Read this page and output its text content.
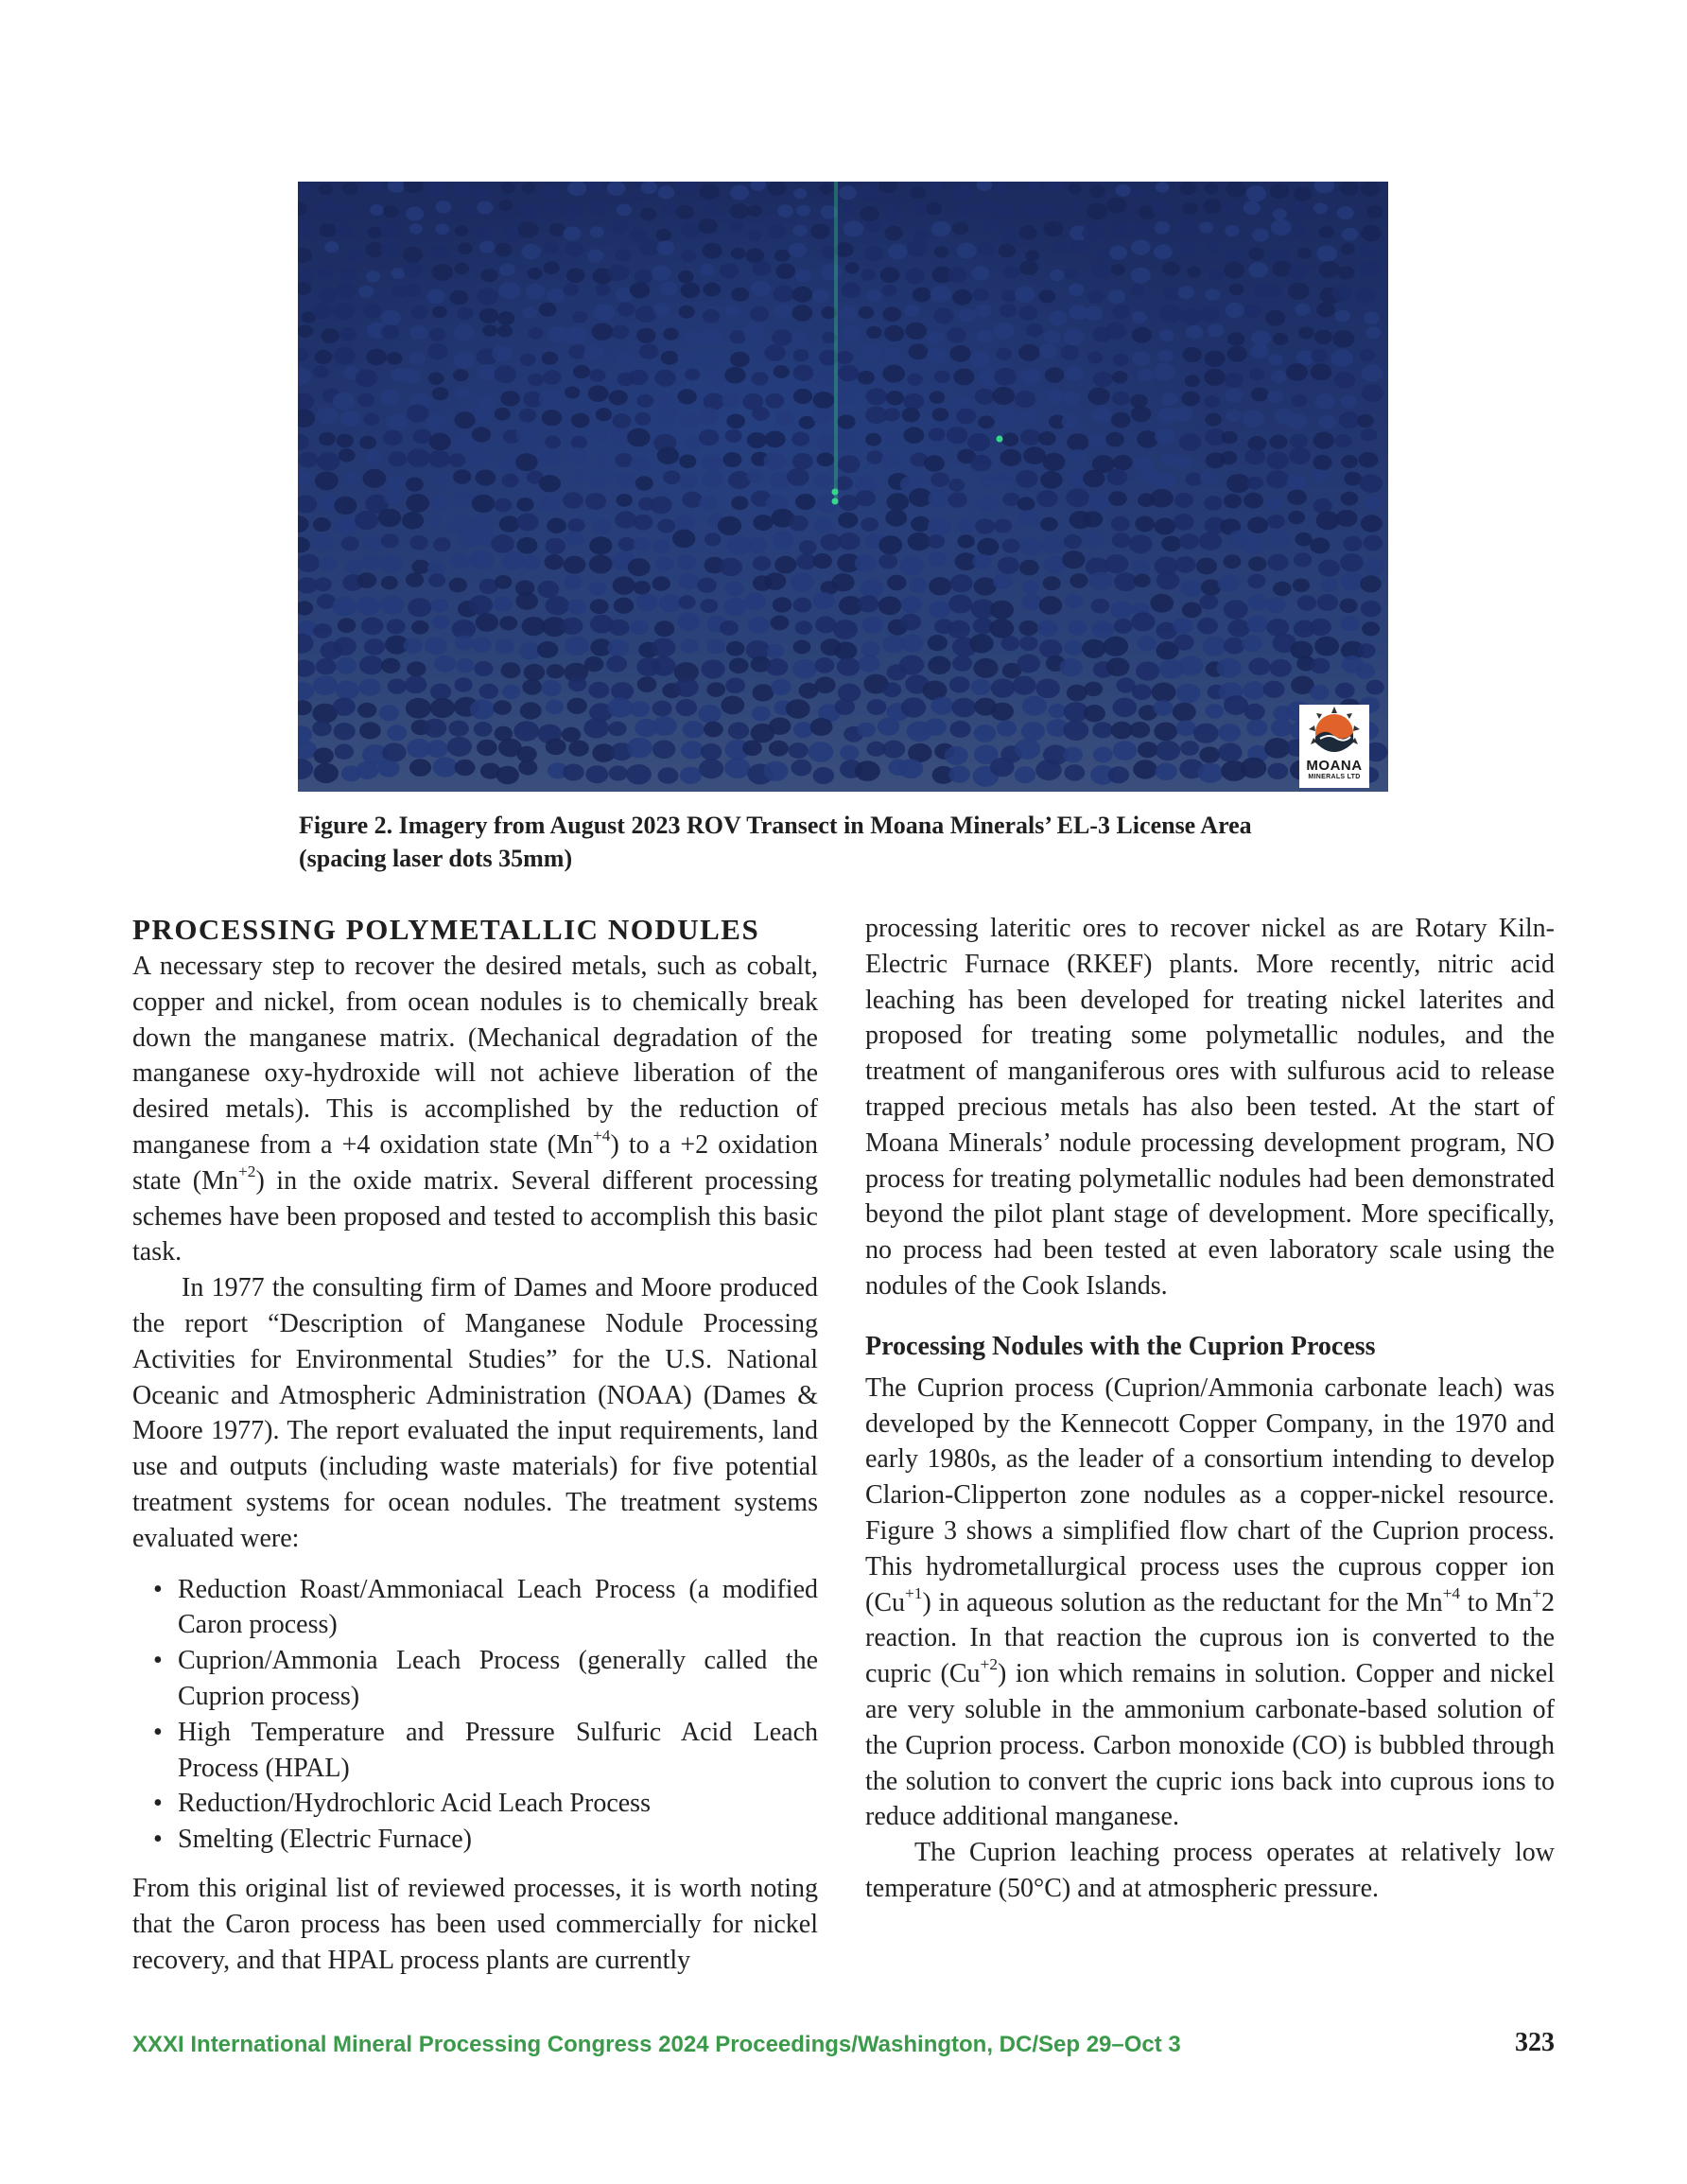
MOANA
MINERALS LTD
Figure 2. Imagery from August 2023 ROV Transect in Moana Minerals’ EL-3 License Area
(spacing laser dots 35mm)
PROCESSING POLYMETALLIC NODULES

A necessary step to recover the desired metals, such as cobalt, copper and nickel, from ocean nodules is to chemically break down the manganese matrix. (Mechanical degradation of the manganese oxy-hydroxide will not achieve liberation of the desired metals). This is accomplished by the reduction of manganese from a +4 oxidation state $(Mn^{+4})$ to a +2 oxidation state $(Mn^{+2})$ in the oxide matrix. Several different processing schemes have been proposed and tested to accomplish this basic task.

In 1977 the consulting firm of Dames and Moore produced the report “Description of Manganese Nodule Processing Activities for Environmental Studies” for the U.S. National Oceanic and Atmospheric Administration (NOAA) (Dames & Moore 1977). The report evaluated the input requirements, land use and outputs (including waste materials) for five potential treatment systems for ocean nodules. The treatment systems evaluated were:

• Reduction Roast/Ammoniacal Leach Process (a modified Caron process)
• Cuprion/Ammonia Leach Process (generally called the Cuprion process)
• High Temperature and Pressure Sulfuric Acid Leach Process (HPAL)
• Reduction/Hydrochloric Acid Leach Process
• Smelting (Electric Furnace)

From this original list of reviewed processes, it is worth noting that the Caron process has been used commercially for nickel recovery, and that HPAL process plants are currently

processing lateritic ores to recover nickel as are Rotary Kiln-Electric Furnace (RKEF) plants. More recently, nitric acid leaching has been developed for treating nickel laterites and proposed for treating some polymetallic nodules, and the treatment of manganiferous ores with sulfurous acid to release trapped precious metals has also been tested. At the start of Moana Minerals’ nodule processing development program, NO process for treating polymetallic nodules had been demonstrated beyond the pilot plant stage of development. More specifically, no process had been tested at even laboratory scale using the nodules of the Cook Islands.

Processing Nodules with the Cuprion Process

The Cuprion process (Cuprion/Ammonia carbonate leach) was developed by the Kennecott Copper Company, in the 1970 and early 1980s, as the leader of a consortium intending to develop Clarion-Clipperton zone nodules as a copper-nickel resource. Figure 3 shows a simplified flow chart of the Cuprion process. This hydrometallurgical process uses the cuprous copper ion $(Cu^{+1})$ in aqueous solution as the reductant for the $Mn^{+4}$ to Mn+2 reaction. In that reaction the cuprous ion is converted to the cupric $(Cu^{+2})$ ion which remains in solution. Copper and nickel are very soluble in the ammonium carbonate-based solution of the Cuprion process. Carbon monoxide (CO) is bubbled through the solution to convert the cupric ions back into cuprous ions to reduce additional manganese.

The Cuprion leaching process operates at relatively low temperature (50°C) and at atmospheric pressure.

XXXI International Mineral Processing Congress 2024 Proceedings/Washington, DC/Sep 29–Oct 3	323
